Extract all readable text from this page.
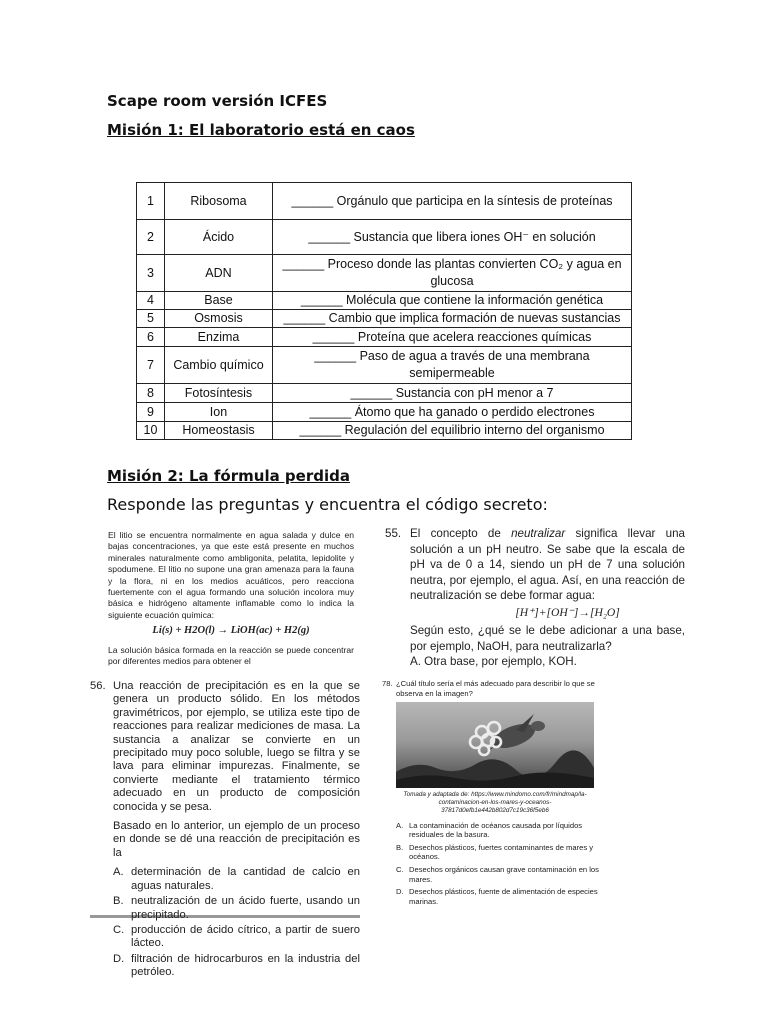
Scape room versión ICFES
Misión 1: El laboratorio está en caos
1	Ribosoma	______ Orgánulo que participa en la síntesis de proteínas
2	Ácido	______ Sustancia que libera iones OH⁻ en solución
3	ADN	______ Proceso donde las plantas convierten CO₂ y agua en glucosa
4	Base	______ Molécula que contiene la información genética
5	Osmosis	______ Cambio que implica formación de nuevas sustancias
6	Enzima	______ Proteína que acelera reacciones químicas
7	Cambio químico	______ Paso de agua a través de una membrana semipermeable
8	Fotosíntesis	______ Sustancia con pH menor a 7
9	Ion	______ Átomo que ha ganado o perdido electrones
10	Homeostasis	______ Regulación del equilibrio interno del organismo
Misión 2: La fórmula perdida
Responde las preguntas y encuentra el código secreto:

El litio se encuentra normalmente en agua salada y dulce en bajas concentraciones, ya que este está presente en muchos minerales naturalmente como ambligonita, pelatita, lepidolite y spodumene. El litio no supone una gran amenaza para la fauna y la flora, ni en los medios acuáticos, pero reacciona fuertemente con el agua formando una solución incolora muy básica e hidrógeno altamente inflamable como lo indica la siguiente ecuación química:

Li(s) + H2O(l) → LiOH(ac) + H2(g)

La solución básica formada en la reacción se puede concentrar por diferentes medios para obtener el

55. El concepto de neutralizar significa llevar una solución a un pH neutro. Se sabe que la escala de pH va de 0 a 14, siendo un pH de 7 una solución neutra, por ejemplo, el agua. Así, en una reacción de neutralización se debe formar agua:
[H⁺]+[OH⁻]→[H₂O]
Según esto, ¿qué se le debe adicionar a una base, por ejemplo, NaOH, para neutralizarla?
A. Otra base, por ejemplo, KOH.
56. Una reacción de precipitación es en la que se genera un producto sólido. En los métodos gravimétricos, por ejemplo, se utiliza este tipo de reacciones para realizar mediciones de masa. La sustancia a analizar se convierte en un precipitado muy poco soluble, luego se filtra y se lava para eliminar impurezas. Finalmente, se convierte mediante el tratamiento térmico adecuado en un producto de composición conocida y se pesa.

Basado en lo anterior, un ejemplo de un proceso en donde se dé una reacción de precipitación es la

A. determinación de la cantidad de calcio en aguas naturales.
B. neutralización de un ácido fuerte, usando un precipitado.
C. producción de ácido cítrico, a partir de suero lácteo.
D. filtración de hidrocarburos en la industria del petróleo.
78. ¿Cuál título sería el más adecuado para describir lo que se observa en la imagen?
Tomada y adaptada de: https://www.mindomo.com/fr/mindmap/la-contaminacion-en-los-mares-y-oceanos-37817d0efb1e442b802d7c19c36f5eb6
A. La contaminación de océanos causada por líquidos residuales de la basura.
B. Desechos plásticos, fuertes contaminantes de mares y océanos.
C. Desechos orgánicos causan grave contaminación en los mares.
D. Desechos plásticos, fuente de alimentación de especies marinas.
